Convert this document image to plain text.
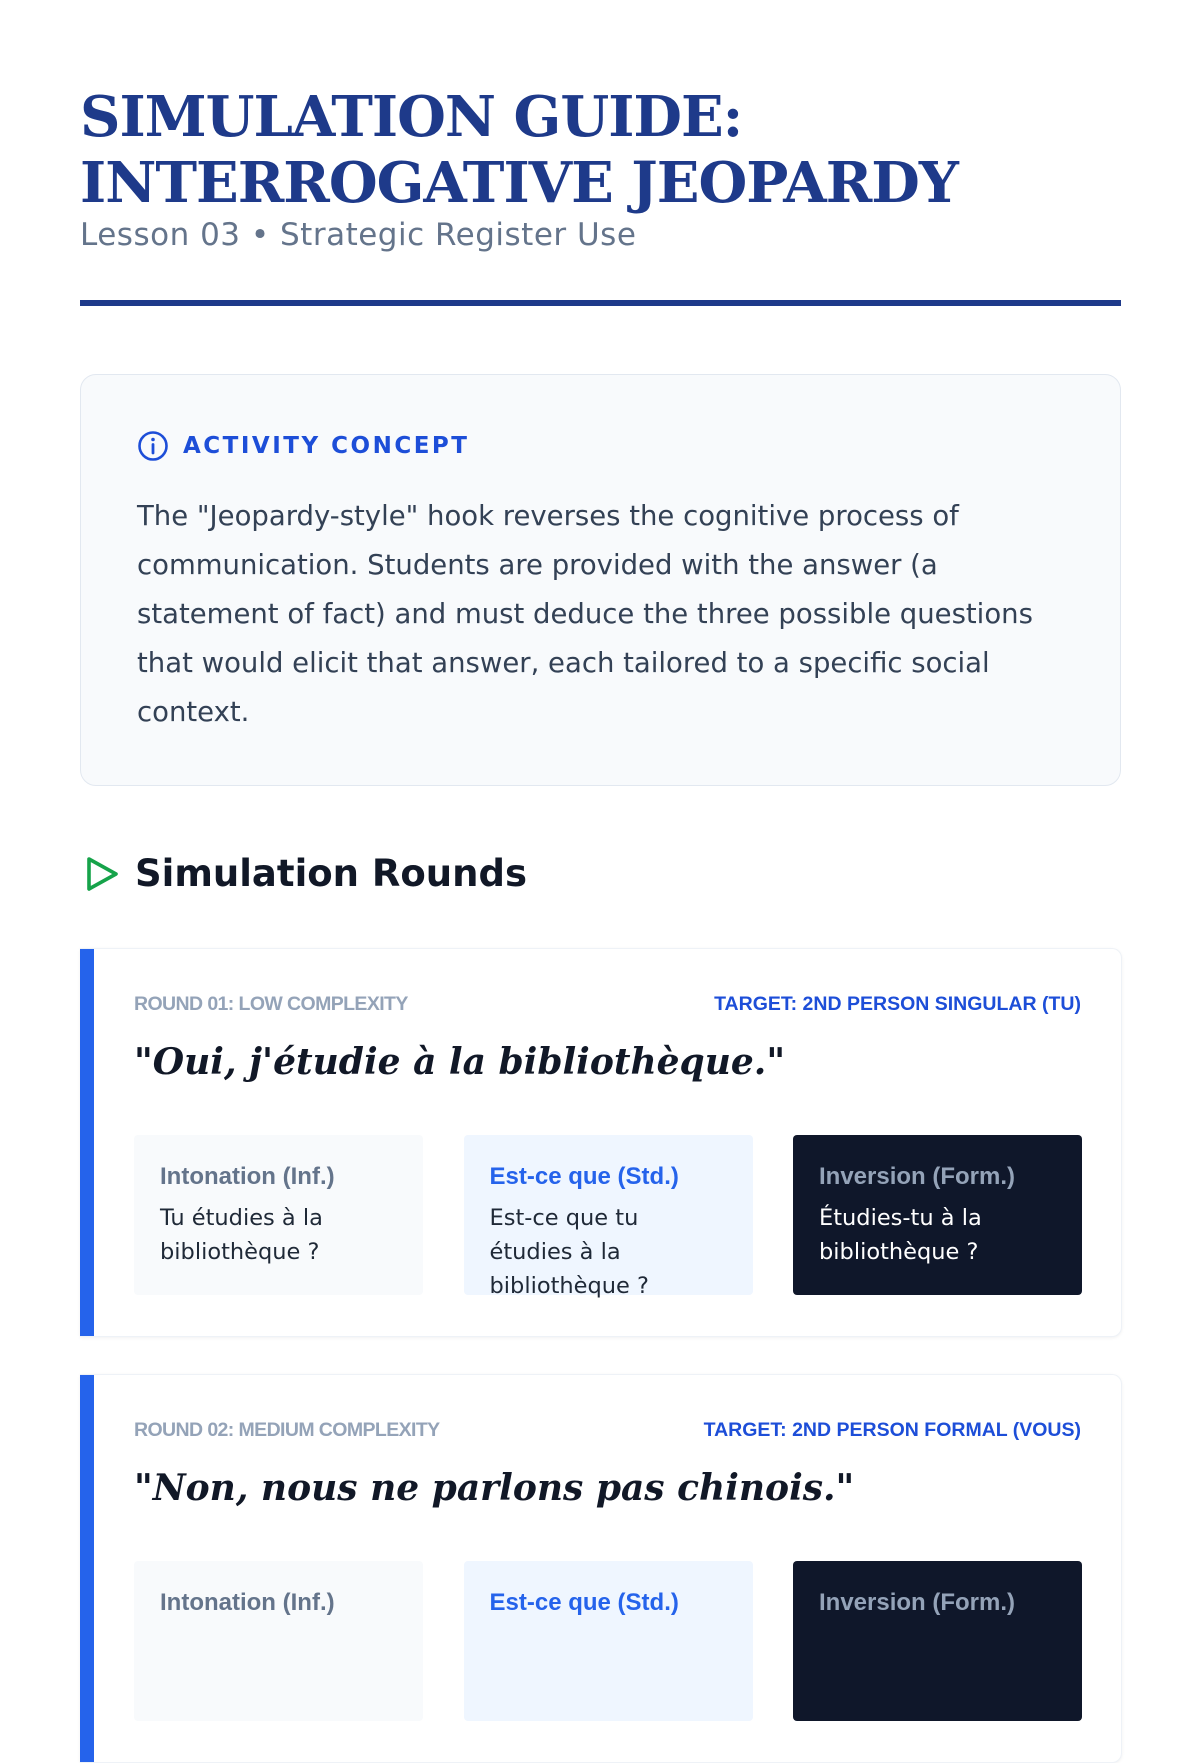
SIMULATION GUIDE:
INTERROGATIVE JEOPARDY
Lesson 03 • Strategic Register Use
ACTIVITY CONCEPT

The "Jeopardy-style" hook reverses the cognitive process of communication. Students are provided with the answer (a statement of fact) and must deduce the three possible questions that would elicit that answer, each tailored to a specific social context.

Simulation Rounds
ROUND 01: LOW COMPLEXITY	TARGET: 2ND PERSON SINGULAR (TU)
"Oui, j'étudie à la bibliothèque."
Intonation (Inf.)
Tu étudies à la bibliothèque ?
Est-ce que (Std.)
Est-ce que tu étudies à la bibliothèque ?
Inversion (Form.)
Étudies-tu à la bibliothèque ?
ROUND 02: MEDIUM COMPLEXITY	TARGET: 2ND PERSON FORMAL (VOUS)
"Non, nous ne parlons pas chinois."
Intonation (Inf.)	Est-ce que (Std.)	Inversion (Form.)
